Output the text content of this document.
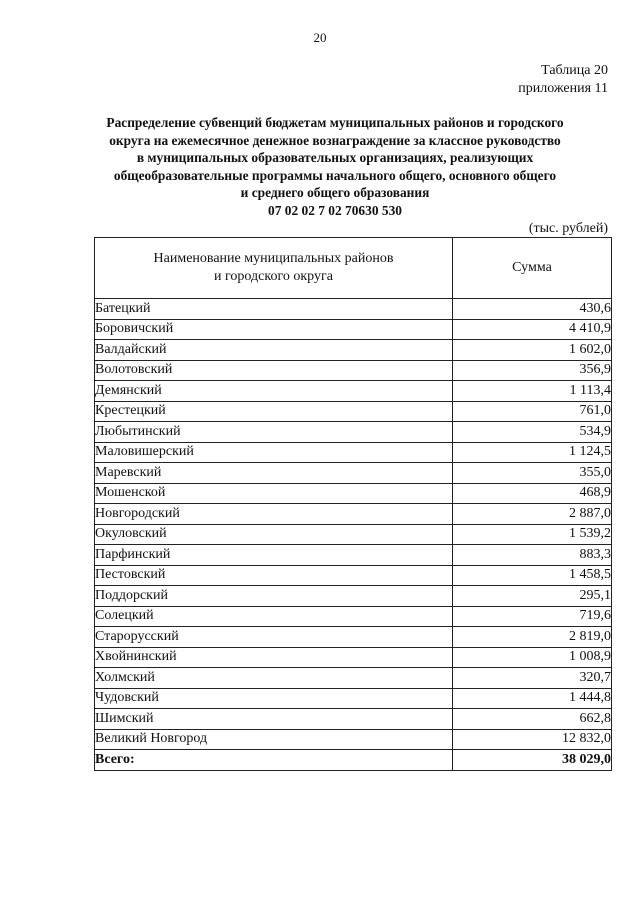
20
Таблица 20
приложения 11
Распределение субвенций бюджетам муниципальных районов и городского
округа на ежемесячное денежное вознаграждение за классное руководство
в муниципальных образовательных организациях, реализующих
общеобразовательные программы начального общего, основного общего
и среднего общего образования
07 02 02 7 02 70630 530
(тыс. рублей)
Наименование муниципальных районов
и городского округа	Сумма
Батецкий	430,6
Боровичский	4 410,9
Валдайский	1 602,0
Волотовский	356,9
Демянский	1 113,4
Крестецкий	761,0
Любытинский	534,9
Маловишерский	1 124,5
Маревский	355,0
Мошенской	468,9
Новгородский	2 887,0
Окуловский	1 539,2
Парфинский	883,3
Пестовский	1 458,5
Поддорский	295,1
Солецкий	719,6
Старорусский	2 819,0
Хвойнинский	1 008,9
Холмский	320,7
Чудовский	1 444,8
Шимский	662,8
Великий Новгород	12 832,0
Всего:	38 029,0
